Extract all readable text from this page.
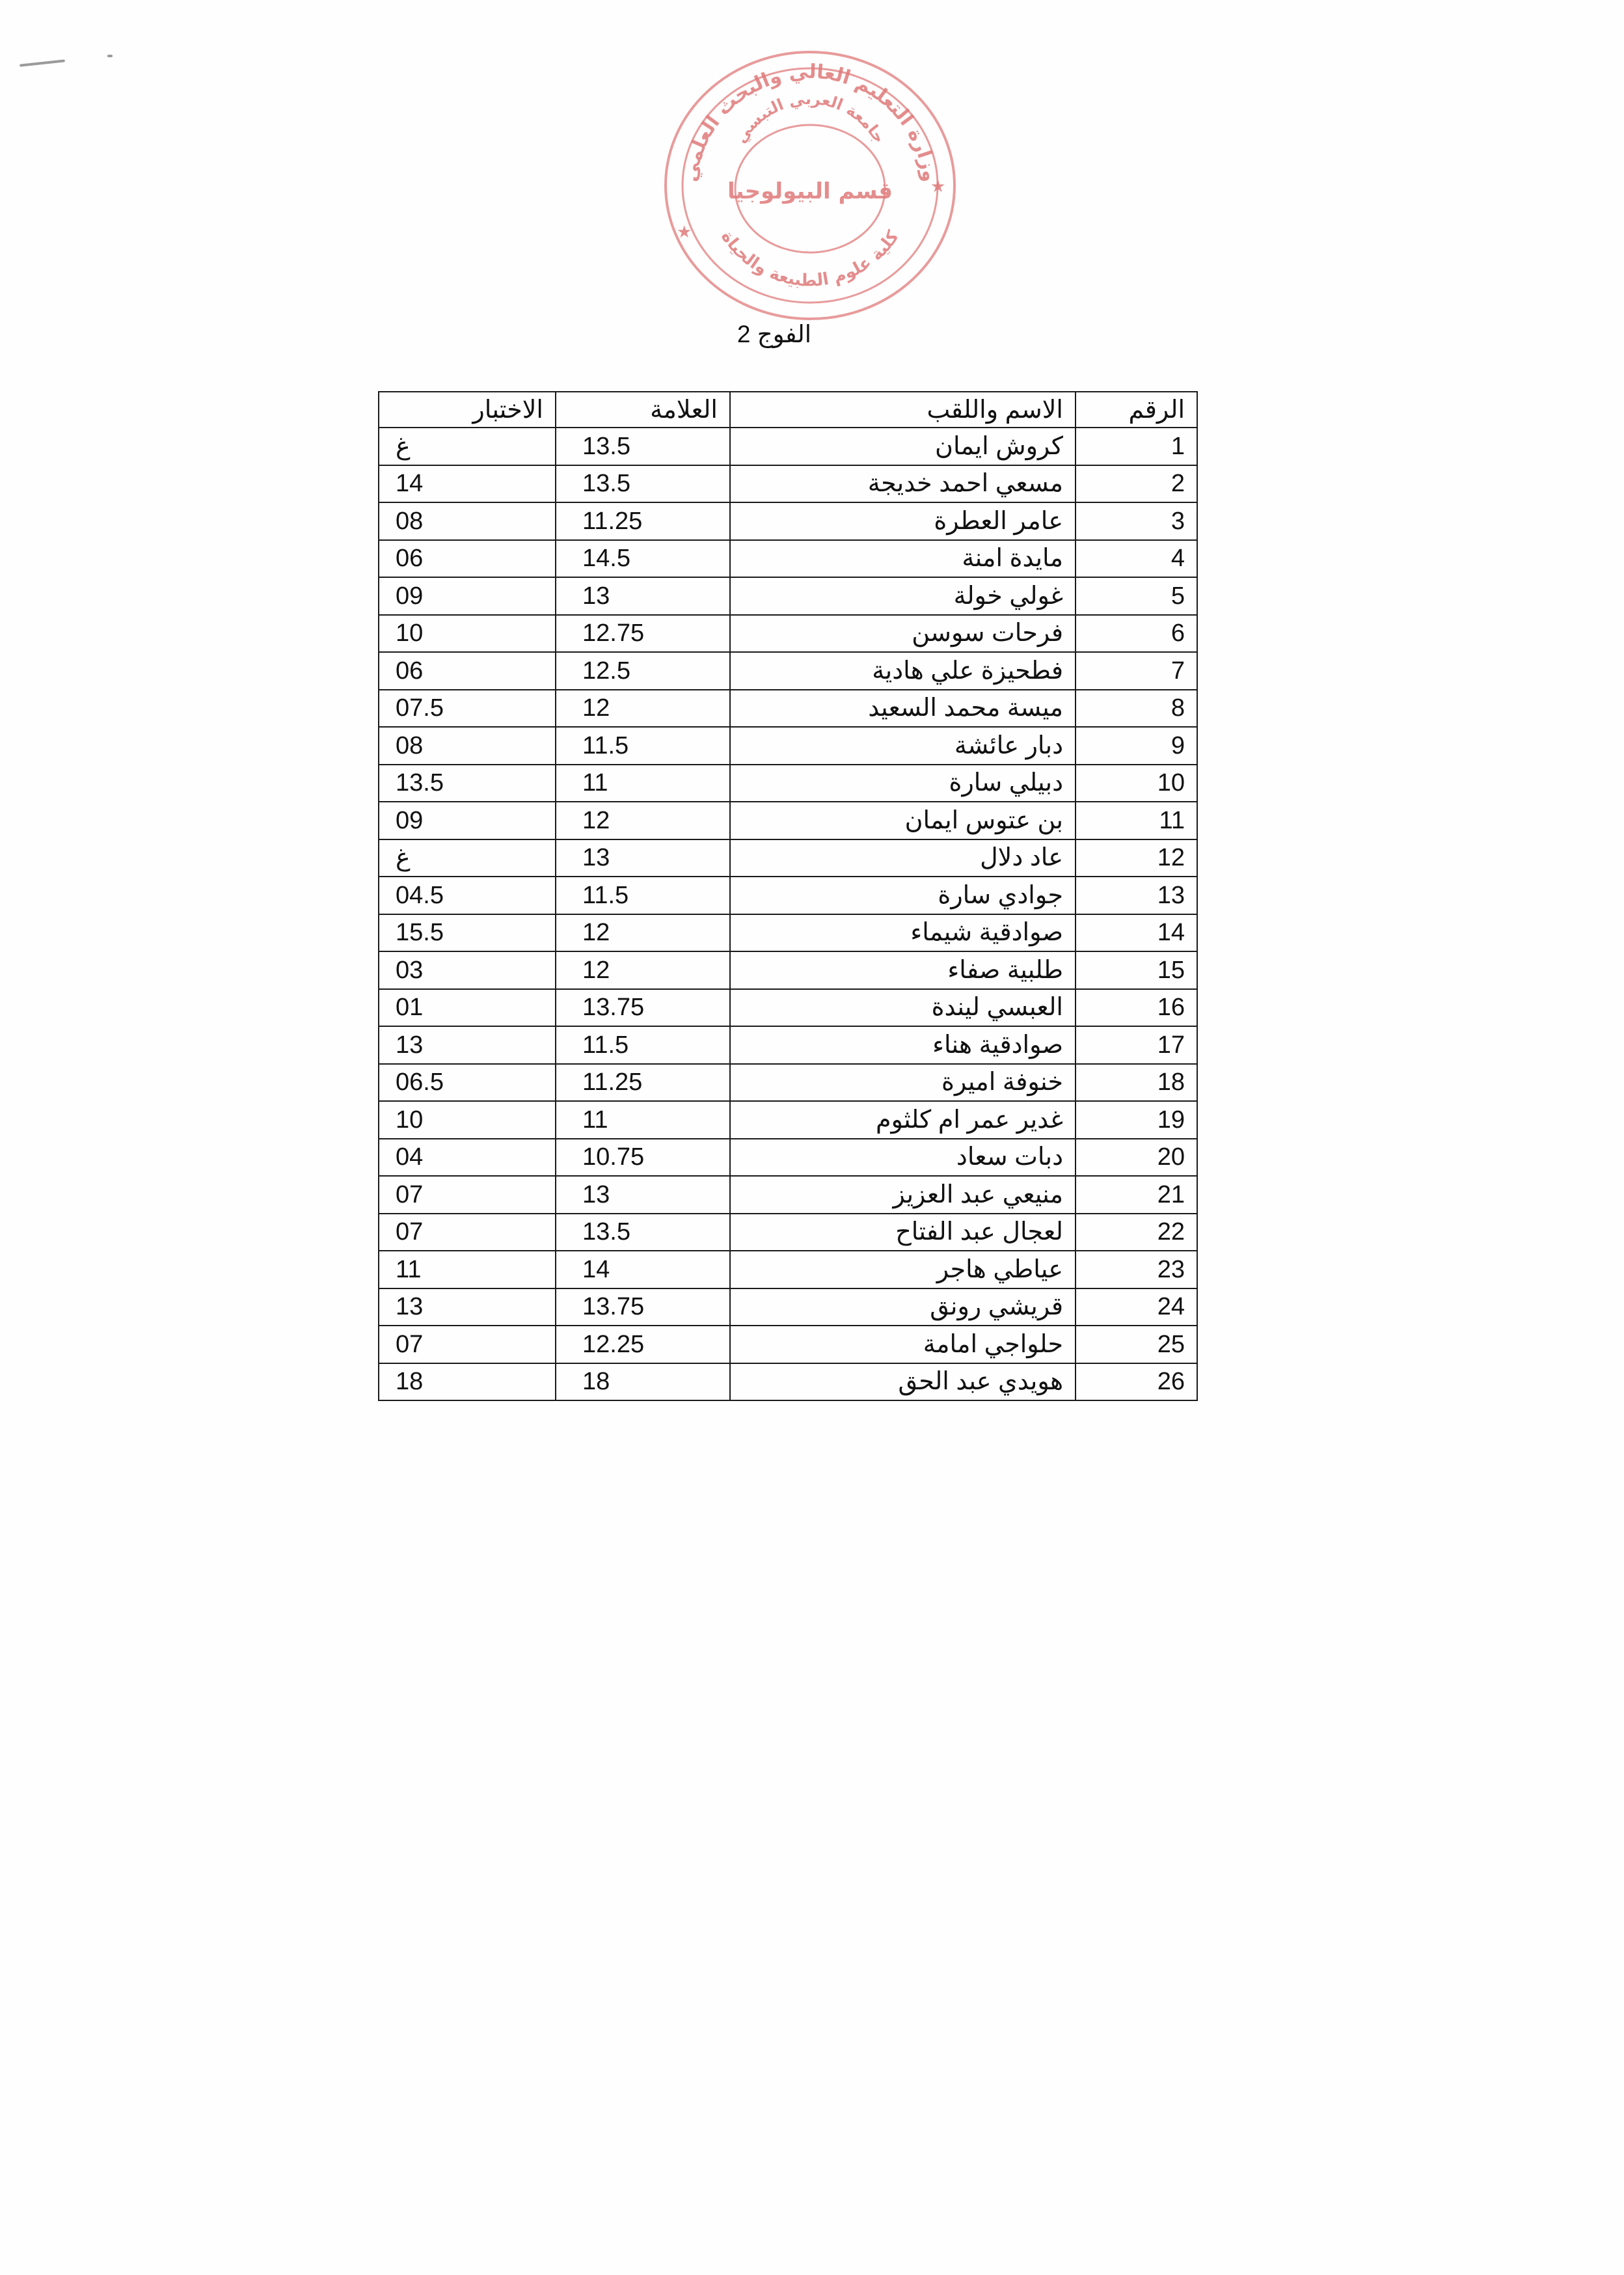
وزارة التعليم العالي والبحث العلمي
كلية علوم الطبيعة والحياة
جامعة العربي التبسي
قسم البيولوجيا
★
★
الفوج 2
الرقم	الاسم واللقب	العلامة	الاختبار
1	كروش ايمان	13.5	غ
2	مسعي احمد خديجة	13.5	14
3	عامر العطرة	11.25	08
4	مايدة امنة	14.5	06
5	غولي خولة	13	09
6	فرحات سوسن	12.75	10
7	فطحيزة علي هادية	12.5	06
8	ميسة محمد السعيد	12	07.5
9	دبار عائشة	11.5	08
10	دبيلي سارة	11	13.5
11	بن عتوس ايمان	12	09
12	عاد دلال	13	غ
13	جوادي سارة	11.5	04.5
14	صوادقية شيماء	12	15.5
15	طلبية صفاء	12	03
16	العبسي ليندة	13.75	01
17	صوادقية هناء	11.5	13
18	خنوفة اميرة	11.25	06.5
19	غدير عمر ام كلثوم	11	10
20	دبات سعاد	10.75	04
21	منيعي عبد العزيز	13	07
22	لعجال عبد الفتاح	13.5	07
23	عياطي هاجر	14	11
24	قريشي رونق	13.75	13
25	حلواجي امامة	12.25	07
26	هويدي عبد الحق	18	18
